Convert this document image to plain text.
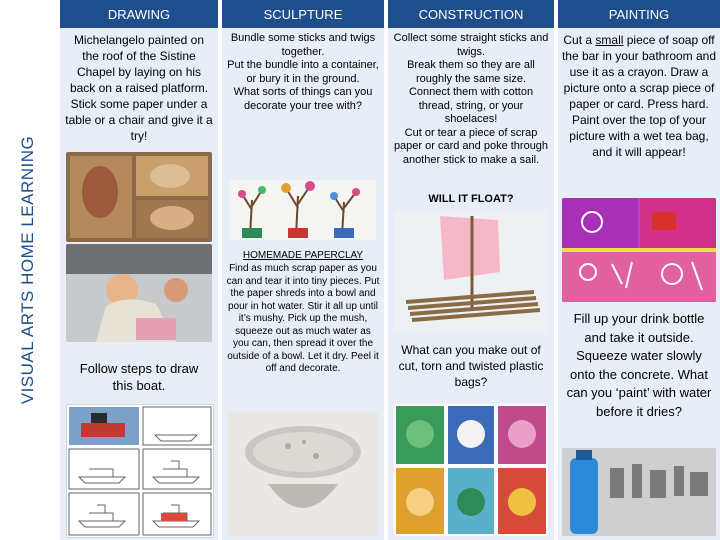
VISUAL ARTS HOME LEARNING
DRAWING
Michelangelo painted on the roof of the Sistine Chapel by laying on his back on a raised platform. Stick some paper under a table or a chair and give it a try!
Follow steps to draw this boat.
SCULPTURE
Bundle some sticks and twigs together.
Put the bundle into a container, or bury it in the ground.
What sorts of things can you decorate your tree with?
HOMEMADE PAPERCLAY
Find as much scrap paper as you can and tear it into tiny pieces. Put the paper shreds into a bowl and pour in hot water. Stir it all up until it’s mushy. Pick up the mush, squeeze out as much water as you can, then spread it over the outside of a bowl. Let it dry. Peel it off and decorate.
CONSTRUCTION
Collect some straight sticks and twigs.
Break them so they are all roughly the same size.
Connect them with cotton thread, string, or your shoelaces!
Cut or tear a piece of scrap paper or card and poke through another stick to make a sail.
WILL IT FLOAT?
What can you make out of cut, torn and twisted plastic bags?
PAINTING
Cut a small piece of soap off the bar in your bathroom and use it as a crayon. Draw a picture onto a scrap piece of paper or card. Press hard. Paint over the top of your picture with a wet tea bag, and it will appear!
Fill up your drink bottle and take it outside. Squeeze water slowly onto the concrete. What can you ‘paint’ with water before it dries?
